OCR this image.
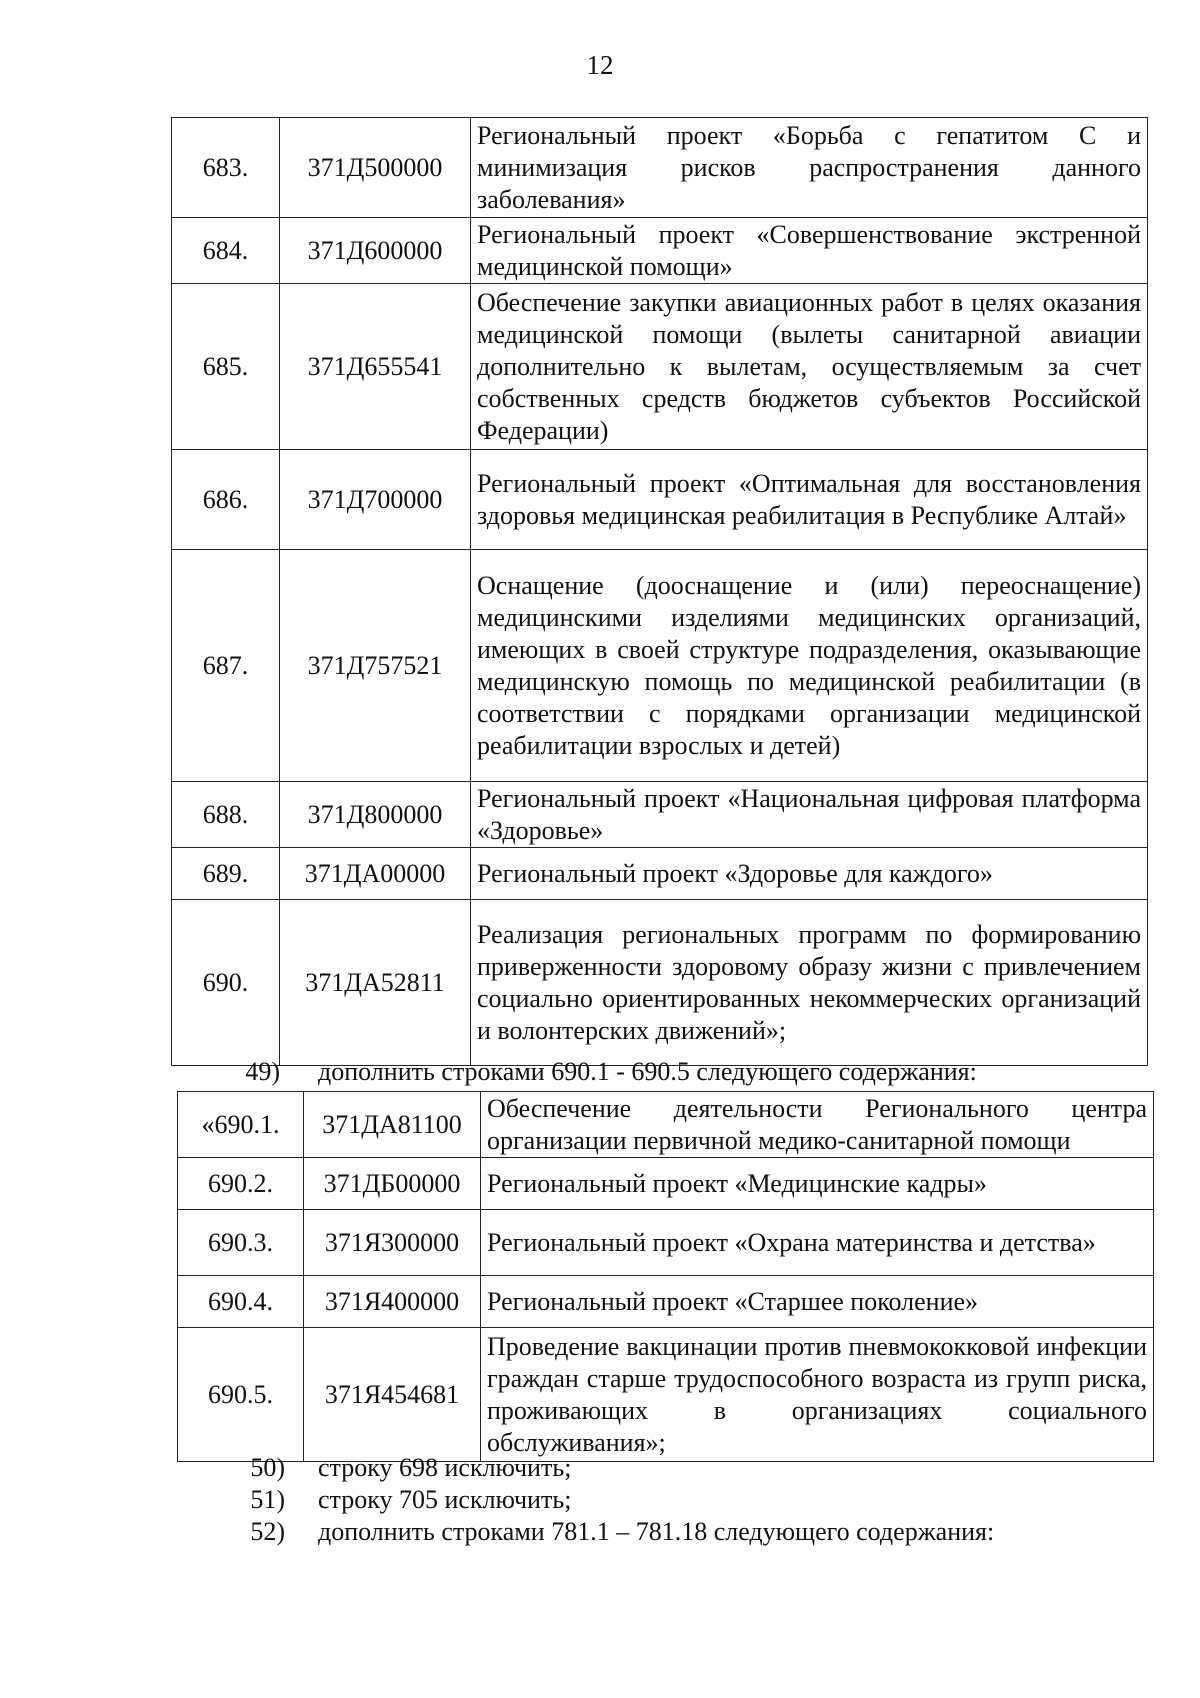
12
683.	371Д500000	Региональный проект «Борьба с гепатитом С и минимизация рисков распространения данного заболевания»
684.	371Д600000	Региональный проект «Совершенствование экстренной медицинской помощи»
685.	371Д655541	Обеспечение закупки авиационных работ в целях оказания медицинской помощи (вылеты санитарной авиации дополнительно к вылетам, осуществляемым за счет собственных средств бюджетов субъектов Российской Федерации)
686.	371Д700000	Региональный проект «Оптимальная для восстановления здоровья медицинская реабилитация в Республике Алтай»
687.	371Д757521	Оснащение (дооснащение и (или) переоснащение) медицинскими изделиями медицинских организаций, имеющих в своей структуре подразделения, оказывающие медицинскую помощь по медицинской реабилитации (в соответствии с порядками организации медицинской реабилитации взрослых и детей)
688.	371Д800000	Региональный проект «Национальная цифровая платформа «Здоровье»
689.	371ДА00000	Региональный проект «Здоровье для каждого»
690.	371ДА52811	Реализация региональных программ по формированию приверженности здоровому образу жизни с привлечением социально ориентированных некоммерческих организаций и волонтерских движений»;
49) дополнить строками 690.1 - 690.5 следующего содержания:
«690.1.	371ДА81100	Обеспечение деятельности Регионального центра организации первичной медико-санитарной помощи
690.2.	371ДБ00000	Региональный проект «Медицинские кадры»
690.3.	371Я300000	Региональный проект «Охрана материнства и детства»
690.4.	371Я400000	Региональный проект «Старшее поколение»
690.5.	371Я454681	Проведение вакцинации против пневмококковой инфекции граждан старше трудоспособного возраста из групп риска, проживающих в организациях социального обслуживания»;
50) строку 698 исключить;
51) строку 705 исключить;
52) дополнить строками 781.1 – 781.18 следующего содержания:
